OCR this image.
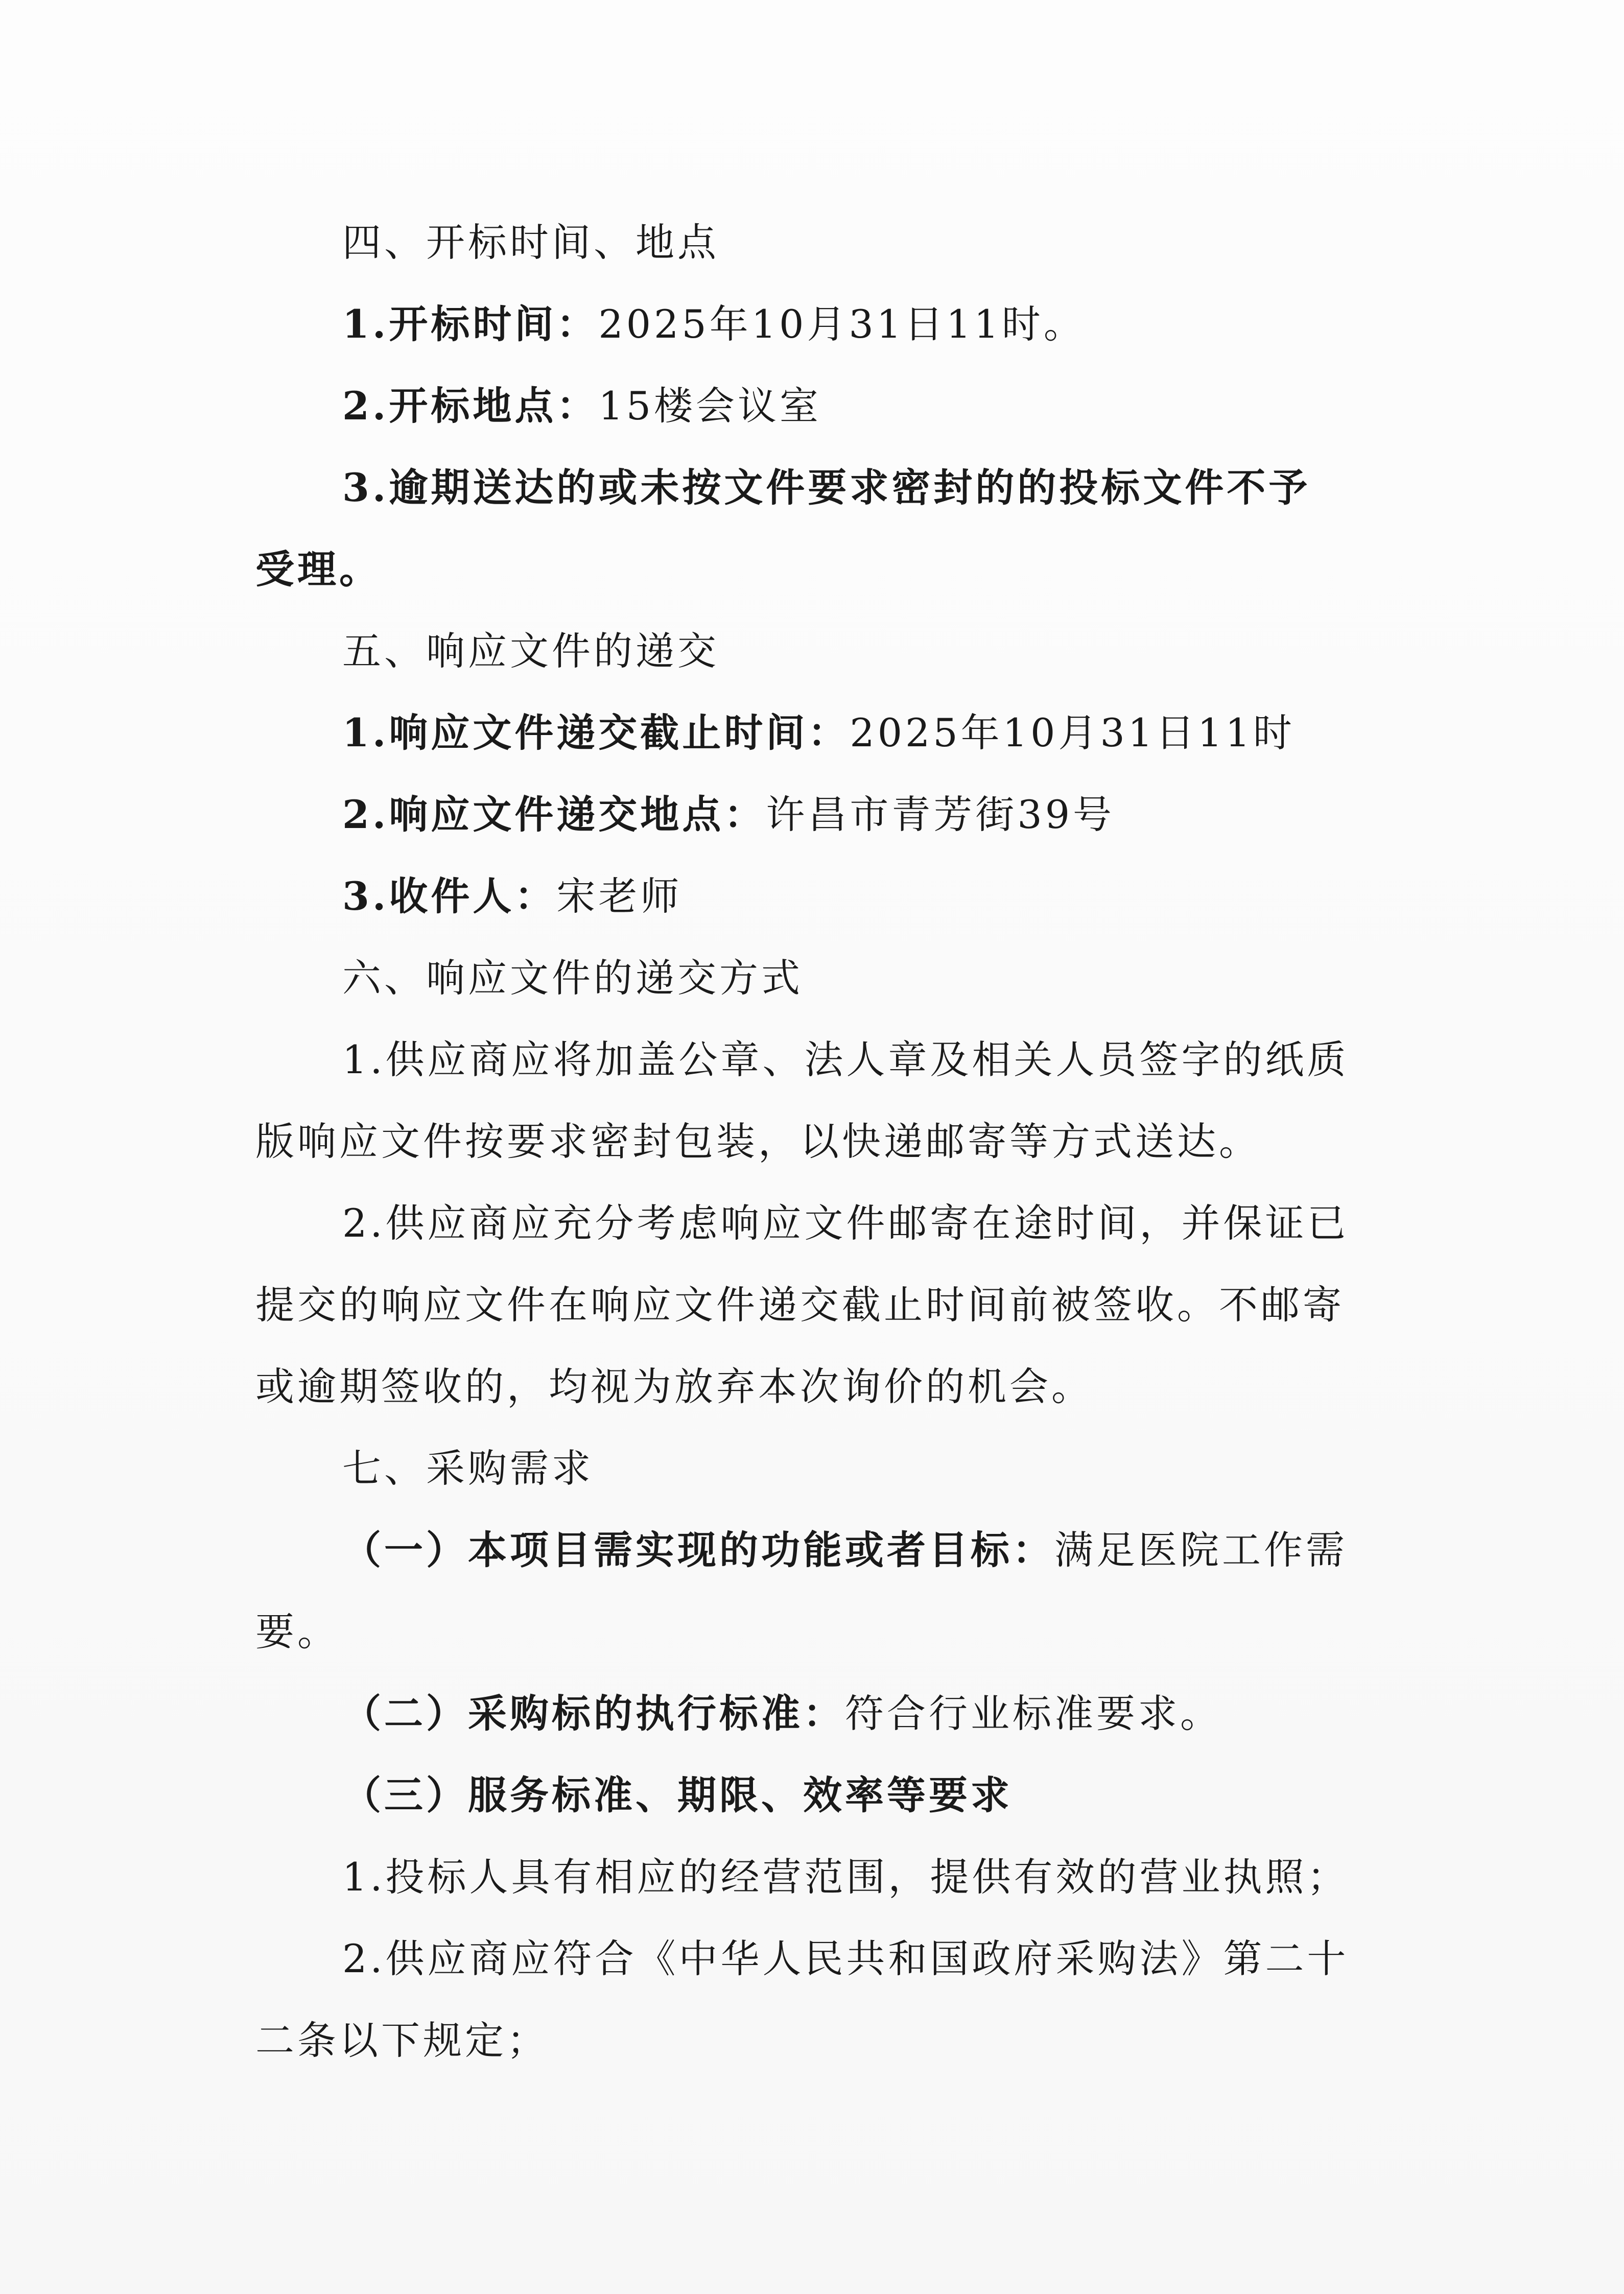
四、开标时间、地点
1.开标时间：2025年10月31日11时。
2.开标地点：15楼会议室
3.逾期送达的或未按文件要求密封的的投标文件不予
受理。
五、响应文件的递交
1.响应文件递交截止时间：2025年10月31日11时
2.响应文件递交地点：许昌市青芳街39号
3.收件人：宋老师
六、响应文件的递交方式
1.供应商应将加盖公章、法人章及相关人员签字的纸质
版响应文件按要求密封包装，以快递邮寄等方式送达。
2.供应商应充分考虑响应文件邮寄在途时间，并保证已
提交的响应文件在响应文件递交截止时间前被签收。不邮寄
或逾期签收的，均视为放弃本次询价的机会。
七、采购需求
（一）本项目需实现的功能或者目标：满足医院工作需
要。
（二）采购标的执行标准：符合行业标准要求。
（三）服务标准、期限、效率等要求
1.投标人具有相应的经营范围，提供有效的营业执照；
2.供应商应符合《中华人民共和国政府采购法》第二十
二条以下规定；
